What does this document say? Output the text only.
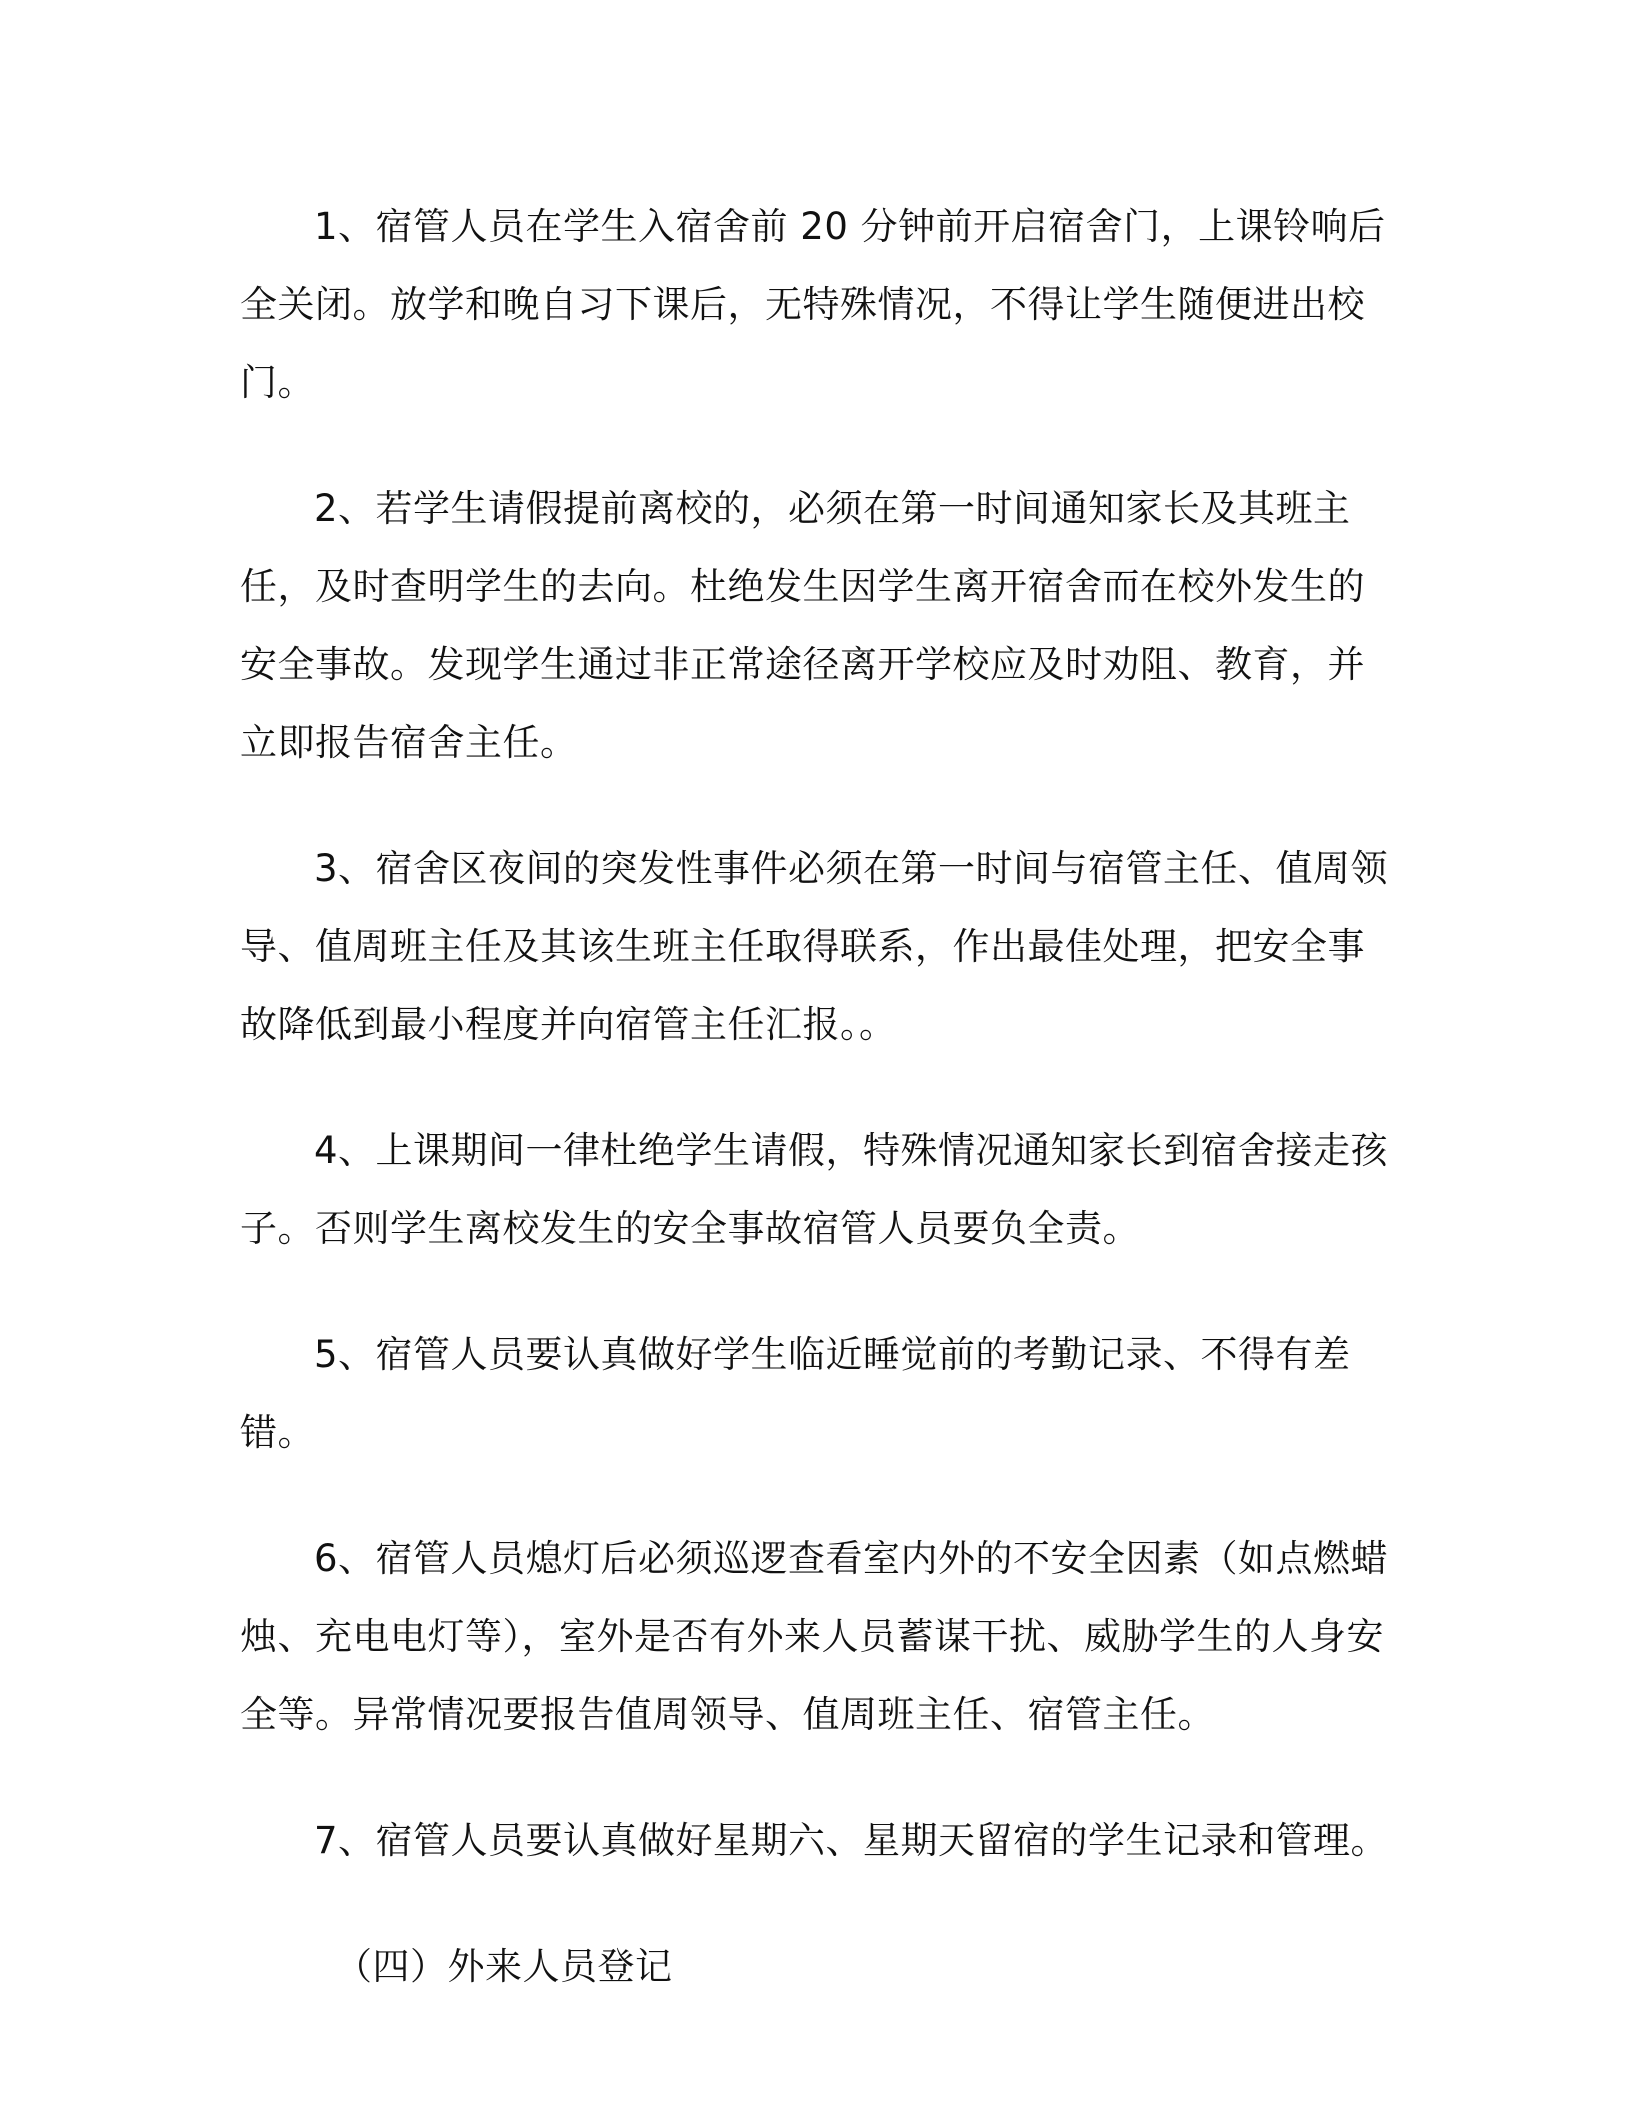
1、宿管人员在学生入宿舍前 20 分钟前开启宿舍门，上课铃响后全关闭。放学和晚自习下课后，无特殊情况，不得让学生随便进出校门。

2、若学生请假提前离校的，必须在第一时间通知家长及其班主任，及时查明学生的去向。杜绝发生因学生离开宿舍而在校外发生的安全事故。发现学生通过非正常途径离开学校应及时劝阻、教育，并立即报告宿舍主任。

3、宿舍区夜间的突发性事件必须在第一时间与宿管主任、值周领导、值周班主任及其该生班主任取得联系，作出最佳处理，把安全事故降低到最小程度并向宿管主任汇报。。

4、上课期间一律杜绝学生请假，特殊情况通知家长到宿舍接走孩子。否则学生离校发生的安全事故宿管人员要负全责。

5、宿管人员要认真做好学生临近睡觉前的考勤记录、不得有差错。

6、宿管人员熄灯后必须巡逻查看室内外的不安全因素（如点燃蜡烛、充电电灯等），室外是否有外来人员蓄谋干扰、威胁学生的人身安全等。异常情况要报告值周领导、值周班主任、宿管主任。

7、宿管人员要认真做好星期六、星期天留宿的学生记录和管理。

（四）外来人员登记
